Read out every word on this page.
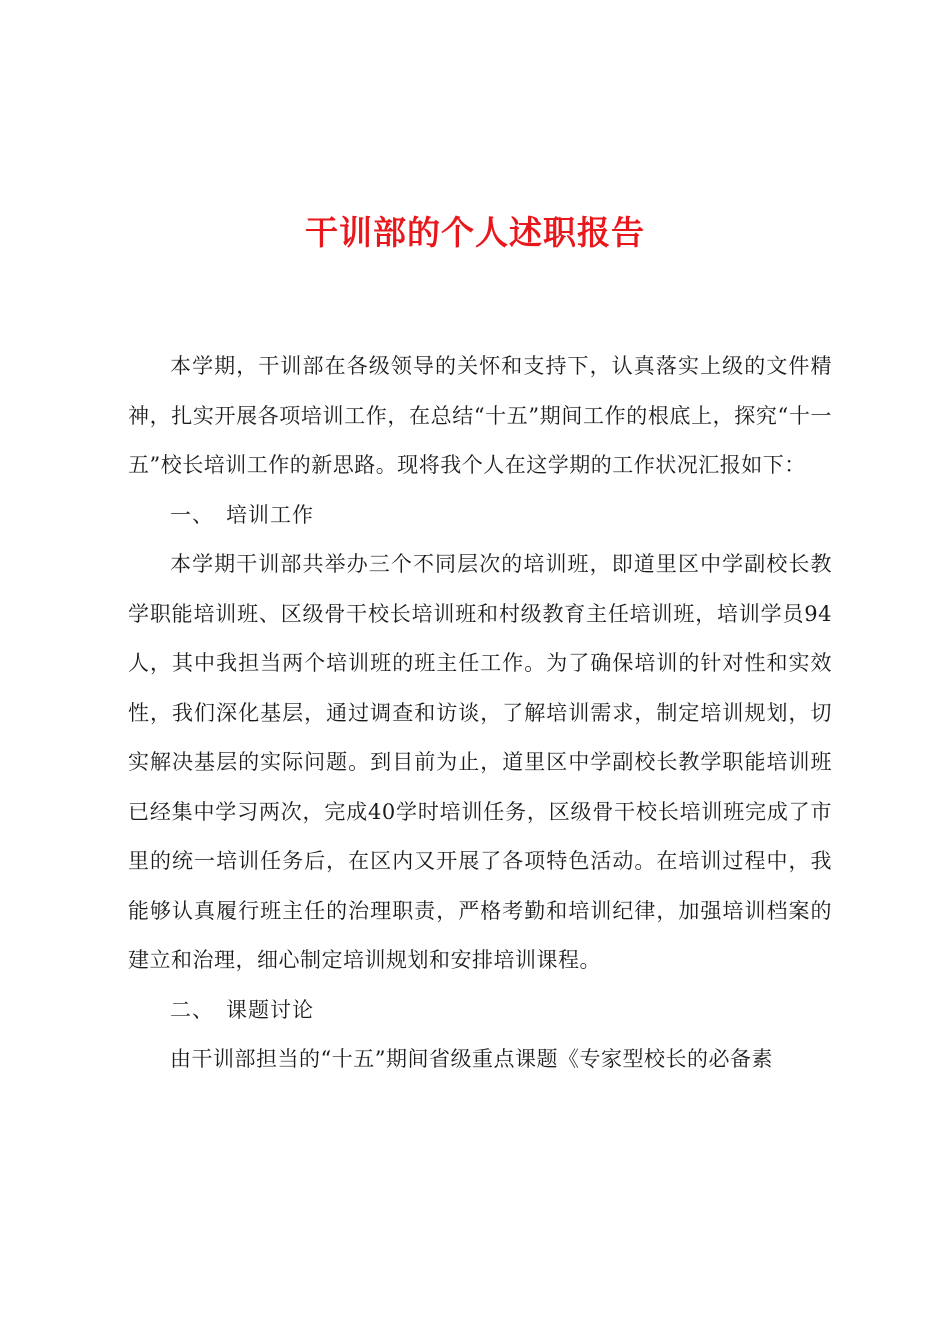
干训部的个人述职报告

本学期，干训部在各级领导的关怀和支持下，认真落实上级的文件精神，扎实开展各项培训工作，在总结“十五”期间工作的根底上，探究“十一五”校长培训工作的新思路。现将我个人在这学期的工作状况汇报如下：

一、 培训工作

本学期干训部共举办三个不同层次的培训班，即道里区中学副校长教学职能培训班、区级骨干校长培训班和村级教育主任培训班，培训学员94人，其中我担当两个培训班的班主任工作。为了确保培训的针对性和实效性，我们深化基层，通过调查和访谈，了解培训需求，制定培训规划，切实解决基层的实际问题。到目前为止，道里区中学副校长教学职能培训班已经集中学习两次，完成40学时培训任务，区级骨干校长培训班完成了市里的统一培训任务后，在区内又开展了各项特色活动。在培训过程中，我能够认真履行班主任的治理职责，严格考勤和培训纪律，加强培训档案的建立和治理，细心制定培训规划和安排培训课程。

二、 课题讨论

由干训部担当的“十五”期间省级重点课题《专家型校长的必备素
